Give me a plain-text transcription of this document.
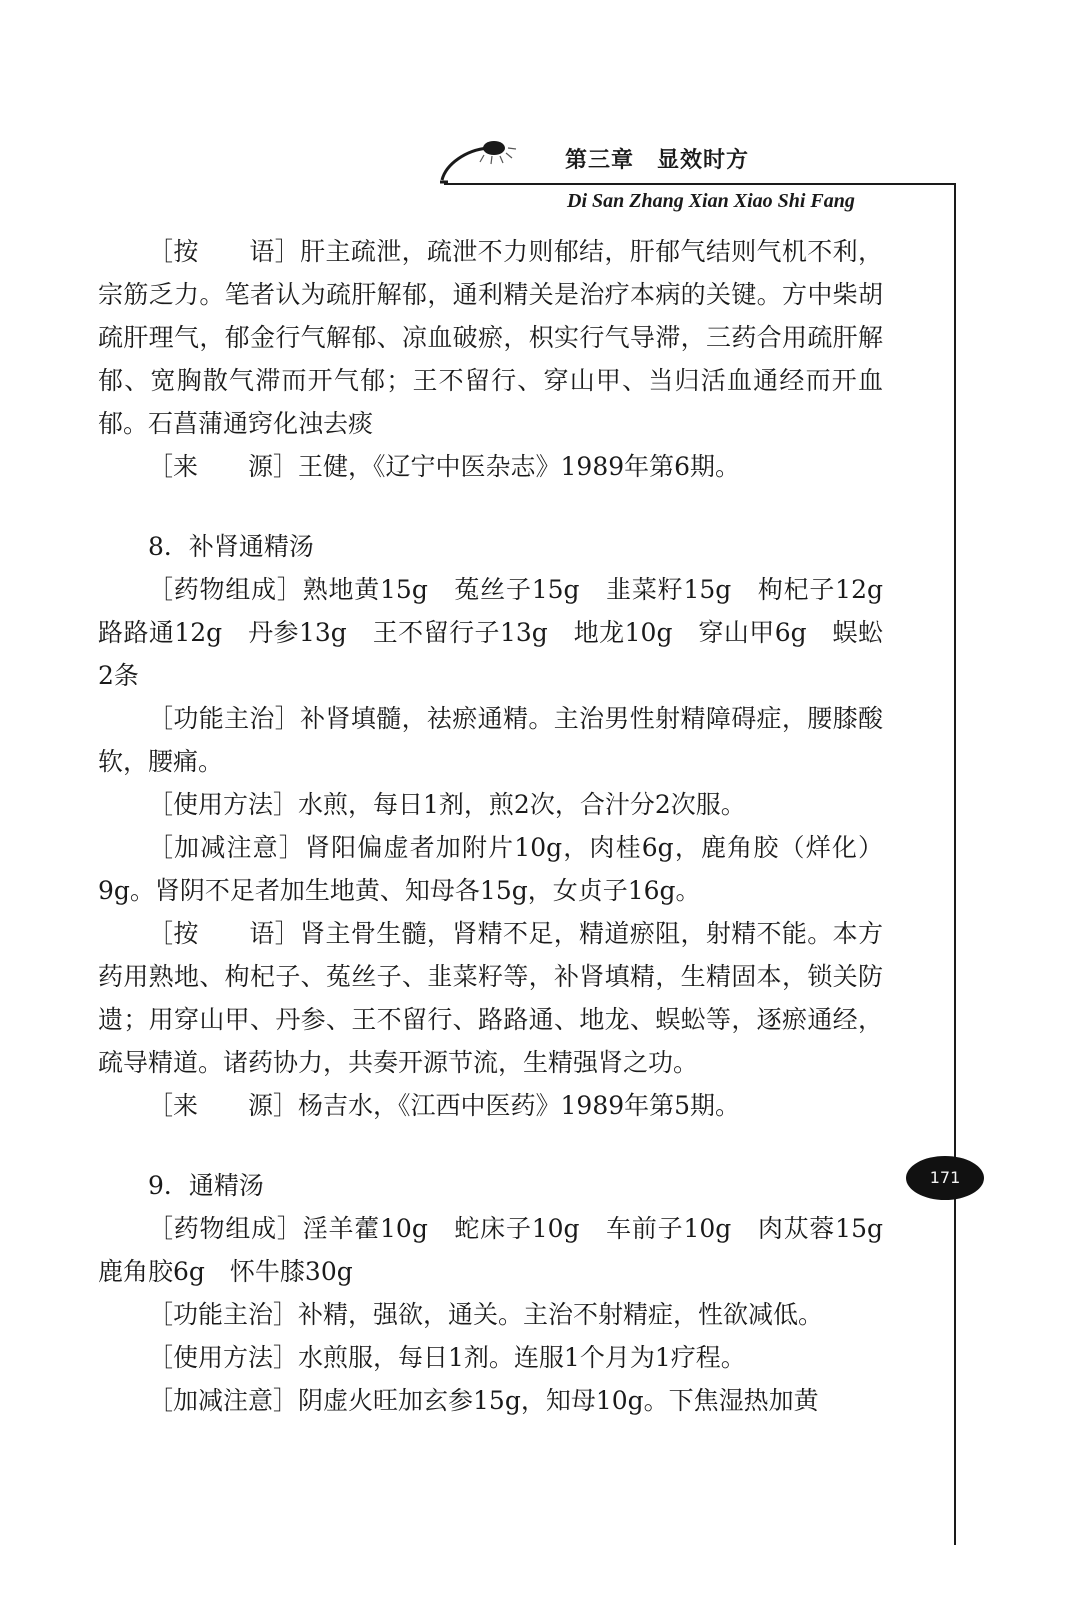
第三章　显效时方
Di San Zhang Xian Xiao Shi Fang
171

［按　　语］肝主疏泄，疏泄不力则郁结，肝郁气结则气机不利，宗筋乏力。笔者认为疏肝解郁，通利精关是治疗本病的关键。方中柴胡疏肝理气，郁金行气解郁、凉血破瘀，枳实行气导滞，三药合用疏肝解郁、宽胸散气滞而开气郁；王不留行、穿山甲、当归活血通经而开血郁。石菖蒲通窍化浊去痰

［来　　源］王健，《辽宁中医杂志》1989年第6期。

8．补肾通精汤

［药物组成］熟地黄15g　菟丝子15g　韭菜籽15g　枸杞子12g　路路通12g　丹参13g　王不留行子13g　地龙10g　穿山甲6g　蜈蚣2条

［功能主治］补肾填髓，祛瘀通精。主治男性射精障碍症，腰膝酸软，腰痛。

［使用方法］水煎，每日1剂，煎2次，合汁分2次服。

［加减注意］肾阳偏虚者加附片10g，肉桂6g，鹿角胶（烊化）9g。肾阴不足者加生地黄、知母各15g，女贞子16g。

［按　　语］肾主骨生髓，肾精不足，精道瘀阻，射精不能。本方药用熟地、枸杞子、菟丝子、韭菜籽等，补肾填精，生精固本，锁关防遗；用穿山甲、丹参、王不留行、路路通、地龙、蜈蚣等，逐瘀通经，疏导精道。诸药协力，共奏开源节流，生精强肾之功。

［来　　源］杨吉水，《江西中医药》1989年第5期。

9．通精汤

［药物组成］淫羊藿10g　蛇床子10g　车前子10g　肉苁蓉15g　鹿角胶6g　怀牛膝30g

［功能主治］补精，强欲，通关。主治不射精症，性欲减低。

［使用方法］水煎服，每日1剂。连服1个月为1疗程。

［加减注意］阴虚火旺加玄参15g，知母10g。下焦湿热加黄
